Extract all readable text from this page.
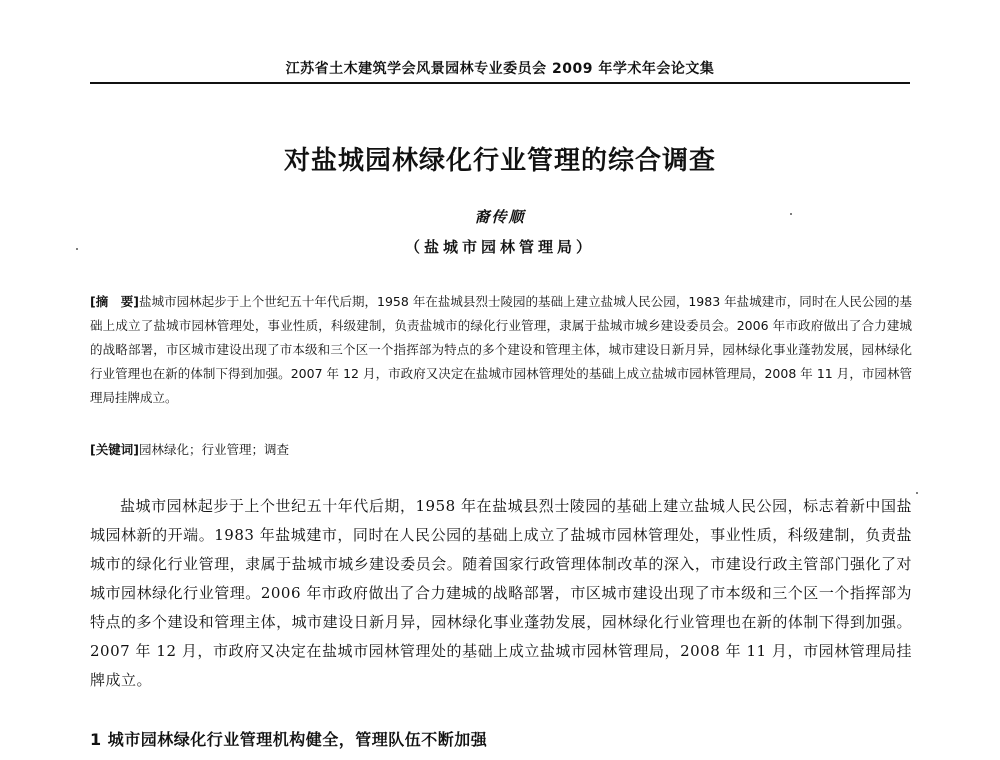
江苏省土木建筑学会风景园林专业委员会 2009 年学术年会论文集
对盐城园林绿化行业管理的综合调查
裔传顺
（盐城市园林管理局）
[摘　要]盐城市园林起步于上个世纪五十年代后期，1958 年在盐城县烈士陵园的基础上建立盐城人民公园，1983 年盐城建市，同时在人民公园的基础上成立了盐城市园林管理处，事业性质，科级建制，负责盐城市的绿化行业管理，隶属于盐城市城乡建设委员会。2006 年市政府做出了合力建城的战略部署，市区城市建设出现了市本级和三个区一个指挥部为特点的多个建设和管理主体，城市建设日新月异，园林绿化事业蓬勃发展，园林绿化行业管理也在新的体制下得到加强。2007 年 12 月，市政府又决定在盐城市园林管理处的基础上成立盐城市园林管理局，2008 年 11 月，市园林管理局挂牌成立。
[关键词]园林绿化；行业管理；调查

盐城市园林起步于上个世纪五十年代后期，1958 年在盐城县烈士陵园的基础上建立盐城人民公园，标志着新中国盐城园林新的开端。1983 年盐城建市，同时在人民公园的基础上成立了盐城市园林管理处，事业性质，科级建制，负责盐城市的绿化行业管理，隶属于盐城市城乡建设委员会。随着国家行政管理体制改革的深入，市建设行政主管部门强化了对城市园林绿化行业管理。2006 年市政府做出了合力建城的战略部署，市区城市建设出现了市本级和三个区一个指挥部为特点的多个建设和管理主体，城市建设日新月异，园林绿化事业蓬勃发展，园林绿化行业管理也在新的体制下得到加强。2007 年 12 月，市政府又决定在盐城市园林管理处的基础上成立盐城市园林管理局，2008 年 11 月，市园林管理局挂牌成立。

1 城市园林绿化行业管理机构健全，管理队伍不断加强
